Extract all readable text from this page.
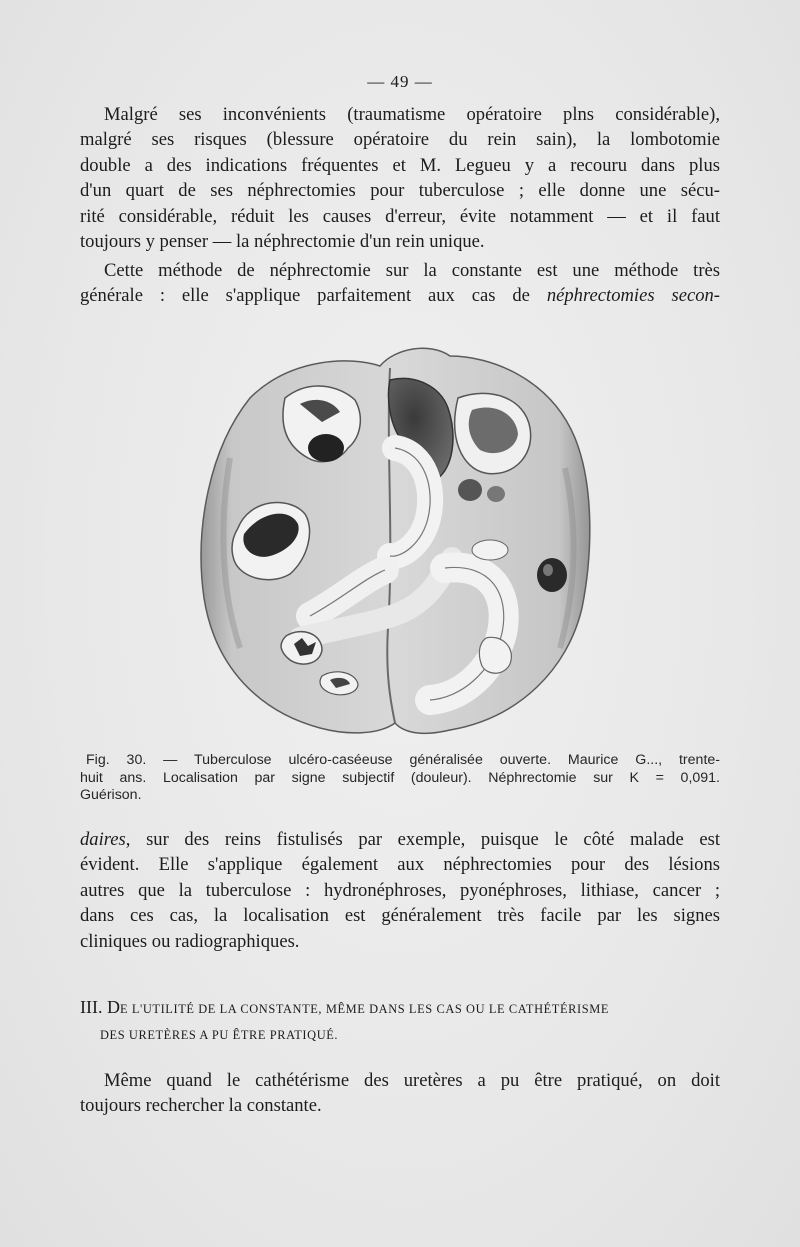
— 49 —
Malgré ses inconvénients (traumatisme opératoire plns considérable),
malgré ses risques (blessure opératoire du rein sain), la lombotomie
double a des indications fréquentes et M. Legueu y a recouru dans plus
d'un quart de ses néphrectomies pour tuberculose ; elle donne une sécu-
rité considérable, réduit les causes d'erreur, évite notamment — et il faut
toujours y penser — la néphrectomie d'un rein unique.
Cette méthode de néphrectomie sur la constante est une méthode très
générale : elle s'applique parfaitement aux cas de néphrectomies secon-
Fig. 30. — Tuberculose ulcéro-caséeuse généralisée ouverte. Maurice G..., trente-
huit ans. Localisation par signe subjectif (douleur). Néphrectomie sur K = 0,091.
Guérison.
daires, sur des reins fistulisés par exemple, puisque le côté malade est
évident. Elle s'applique également aux néphrectomies pour des lésions
autres que la tuberculose : hydronéphroses, pyonéphroses, lithiase, cancer ;
dans ces cas, la localisation est généralement très facile par les signes
cliniques ou radiographiques.
III. DE L'UTILITÉ DE LA CONSTANTE, MÊME DANS LES CAS OU LE CATHÉTÉRISME
DES URETÈRES A PU ÊTRE PRATIQUÉ.
Même quand le cathétérisme des uretères a pu être pratiqué, on doit
toujours rechercher la constante.
